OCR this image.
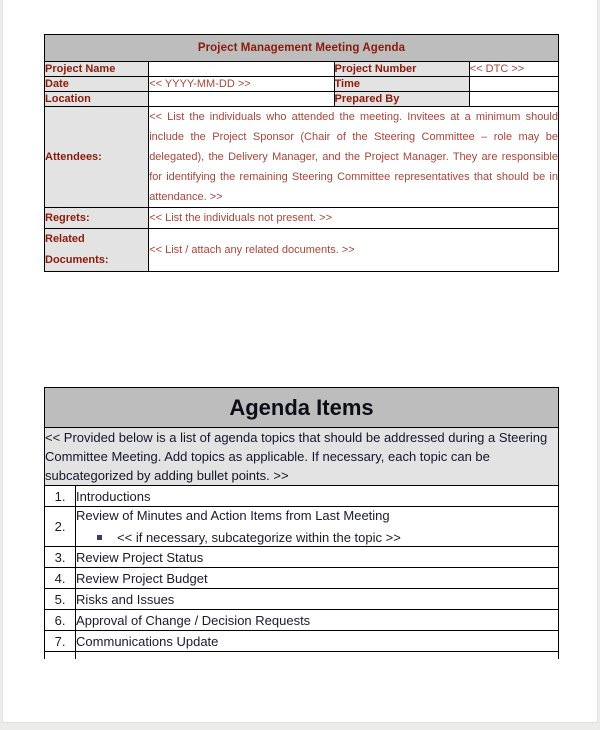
Project Management Meeting Agenda			
Project Name		Project Number	<< DTC >>
Date	<< YYYY-MM-DD >>	Time	
Location		Prepared By	
Attendees:	<< List the individuals who attended the meeting. Invitees at a minimum should include the Project Sponsor (Chair of the Steering Committee – role may be delegated), the Delivery Manager, and the Project Manager. They are responsible for identifying the remaining Steering Committee representatives that should be in attendance. >>		
Regrets:	<< List the individuals not present. >>		

Related
Documents:	<< List / attach any related documents. >>		
Agenda Items	
<< Provided below is a list of agenda topics that should be addressed during a Steering Committee Meeting. Add topics as applicable. If necessary, each topic can be subcategorized by adding bullet points. >>	
1.	Introductions
2.	Review of Minutes and Action Items from Last Meeting
<< if necessary, subcategorize within the topic >>

3.	Review Project Status
4.	Review Project Budget
5.	Risks and Issues
6.	Approval of Change / Decision Requests
7.	Communications Update
